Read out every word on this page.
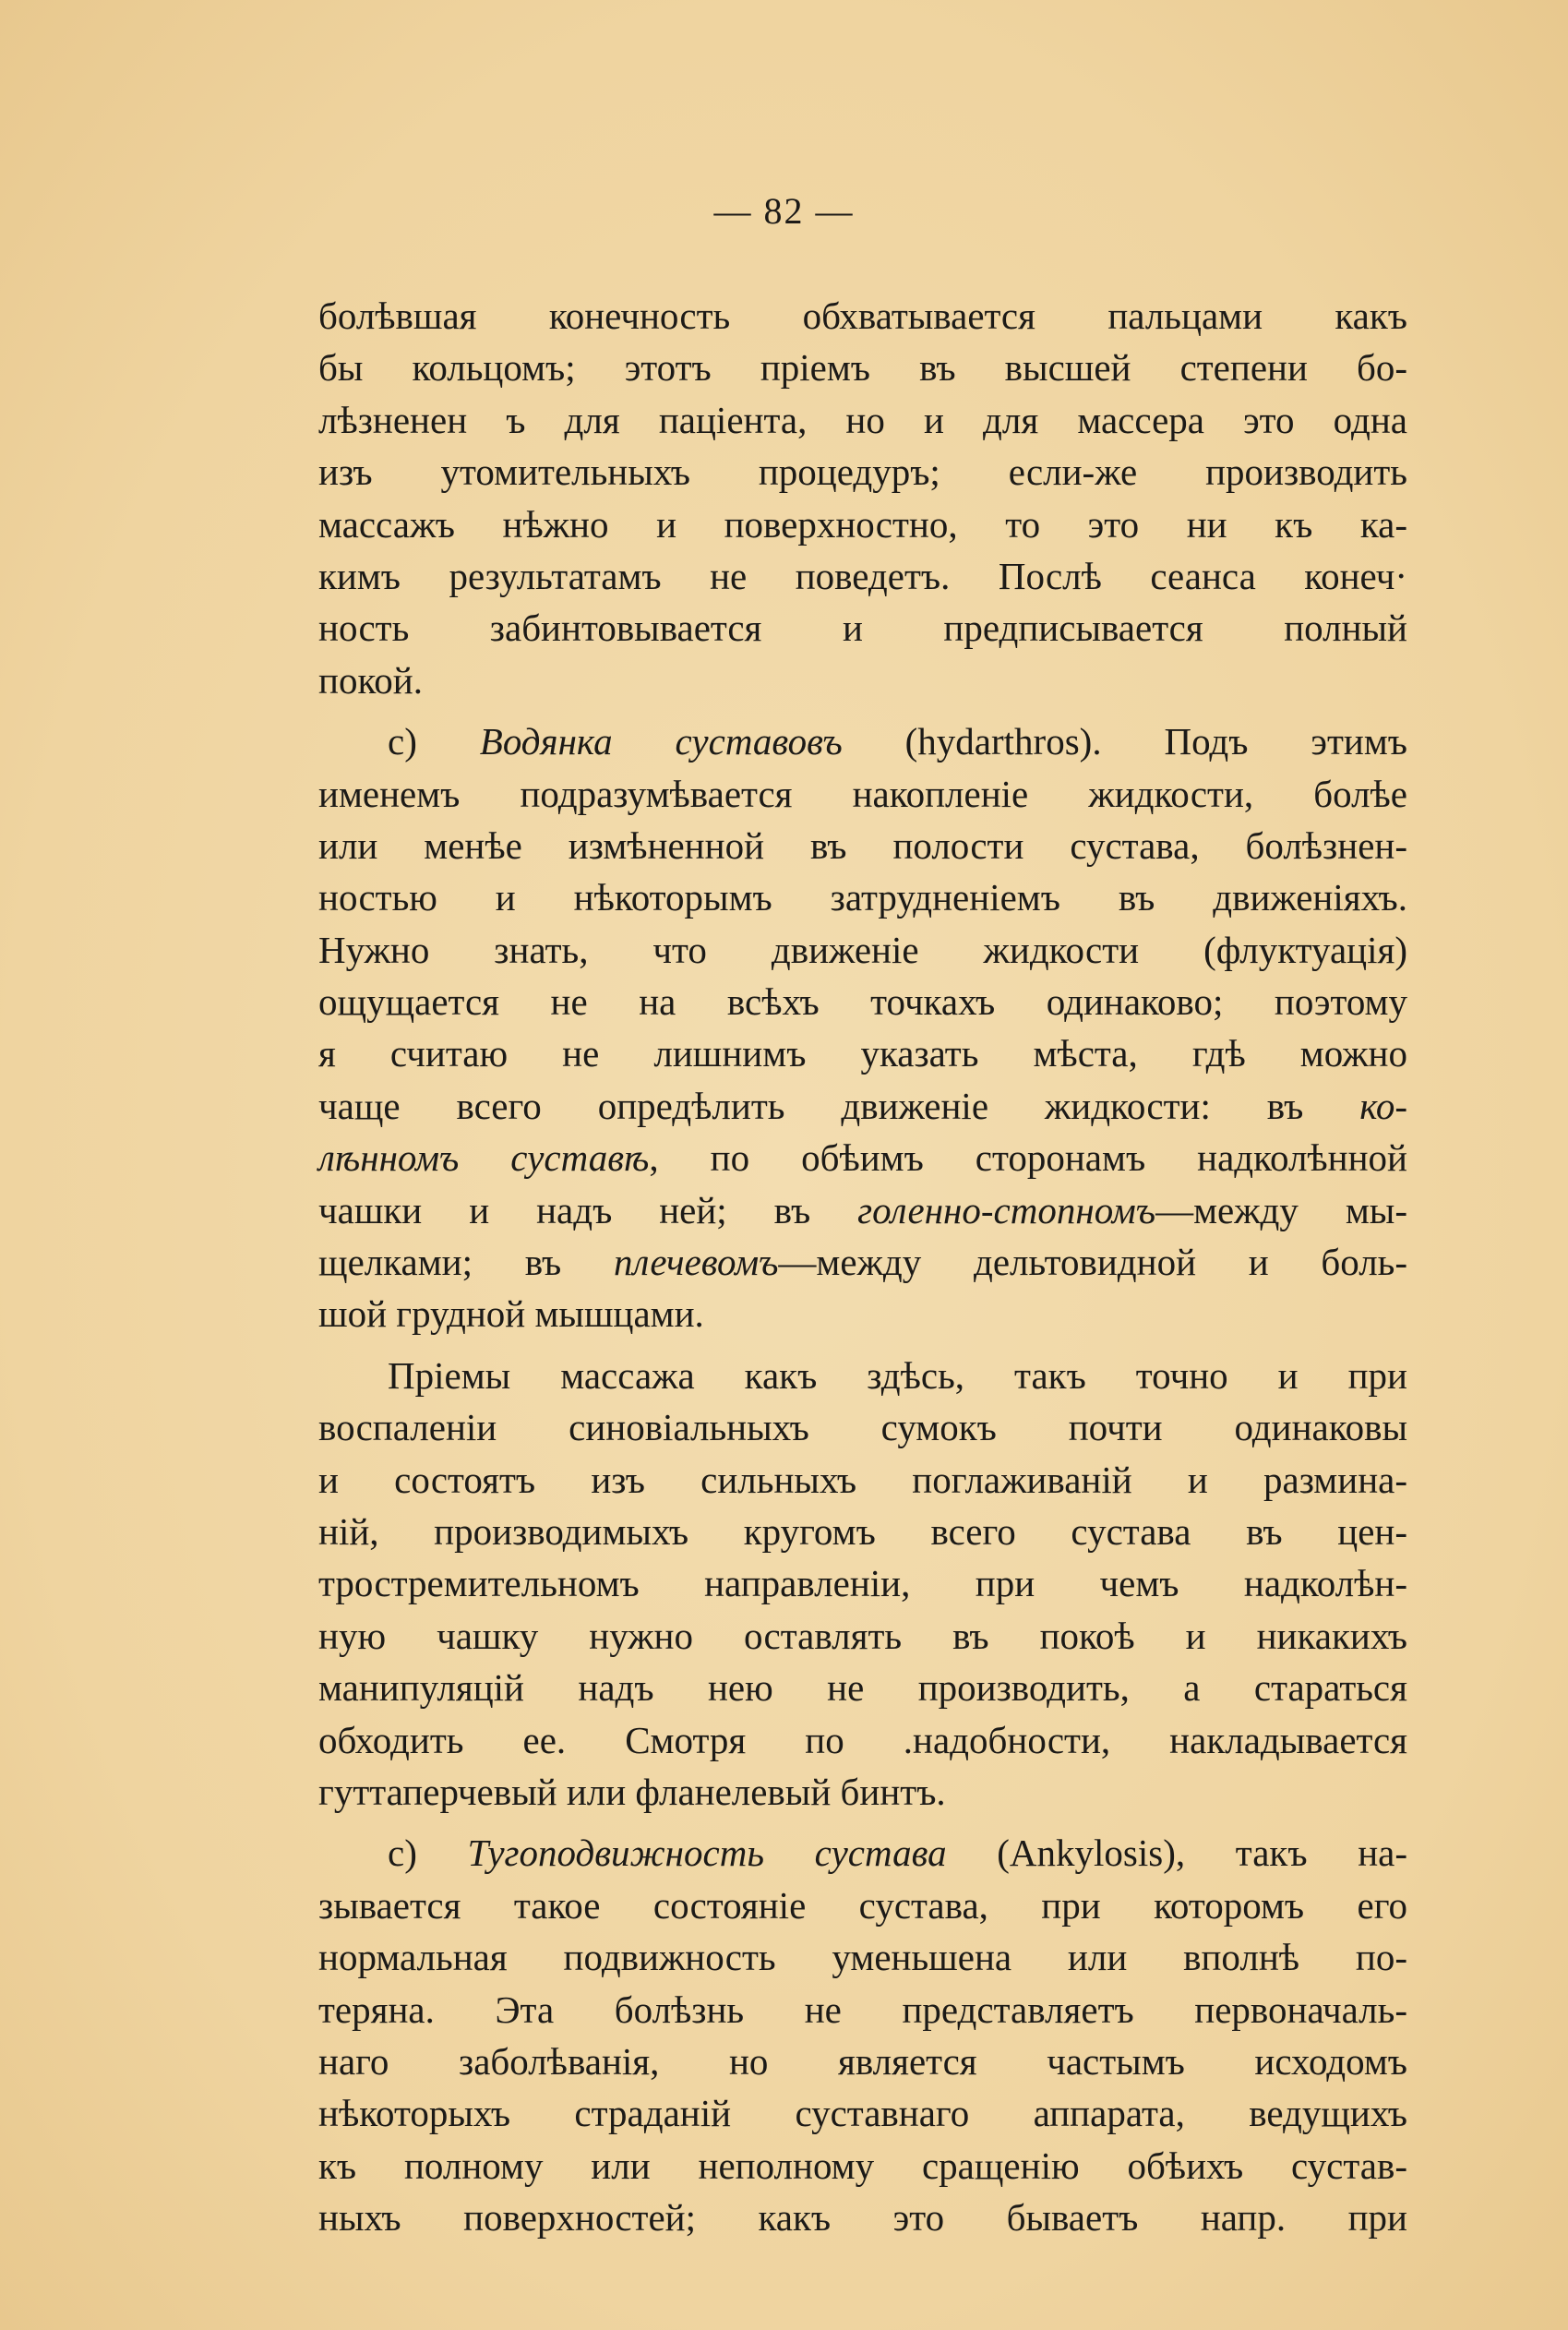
— 82 —
болѣвшая конечность обхватывается пальцами какъ
бы кольцомъ; этотъ пріемъ въ высшей степени бо-
лѣзненен ъ для паціента, но и для массера это одна
изъ утомительныхъ процедуръ; если-же производить
массажъ нѣжно и поверхностно, то это ни къ ка-
кимъ результатамъ не поведетъ. Послѣ сеанса конеч·
ность забинтовывается и предписывается полный
покой.
с) Водянка суставовъ (hydarthros). Подъ этимъ
именемъ подразумѣвается накопленіе жидкости, болѣе
или менѣе измѣненной въ полости сустава, болѣзнен-
ностью и нѣкоторымъ затрудненіемъ въ движеніяхъ.
Нужно знать, что движеніе жидкости (флуктуація)
ощущается не на всѣхъ точкахъ одинаково; поэтому
я считаю не лишнимъ указать мѣста, гдѣ можно
чаще всего опредѣлить движеніе жидкости: въ ко-
лѣнномъ суставѣ, по обѣимъ сторонамъ надколѣнной
чашки и надъ ней; въ голенно-стопномъ—между мы-
щелками; въ плечевомъ—между дельтовидной и боль-
шой грудной мышцами.
Пріемы массажа какъ здѣсь, такъ точно и при
воспаленіи синовіальныхъ сумокъ почти одинаковы
и состоятъ изъ сильныхъ поглаживаній и размина-
ній, производимыхъ кругомъ всего сустава въ цен-
тростремительномъ направленіи, при чемъ надколѣн-
ную чашку нужно оставлять въ покоѣ и никакихъ
манипуляцій надъ нею не производить, а стараться
обходить ее. Смотря по .надобности, накладывается
гуттаперчевый или фланелевый бинтъ.
с) Тугоподвижность сустава (Ankylosis), такъ на-
зывается такое состояніе сустава, при которомъ его
нормальная подвижность уменьшена или вполнѣ по-
теряна. Эта болѣзнь не представляетъ первоначаль-
наго заболѣванія, но является частымъ исходомъ
нѣкоторыхъ страданій суставнаго аппарата, ведущихъ
къ полному или неполному сращенію обѣихъ сустав-
ныхъ поверхностей; какъ это бываетъ напр. при
